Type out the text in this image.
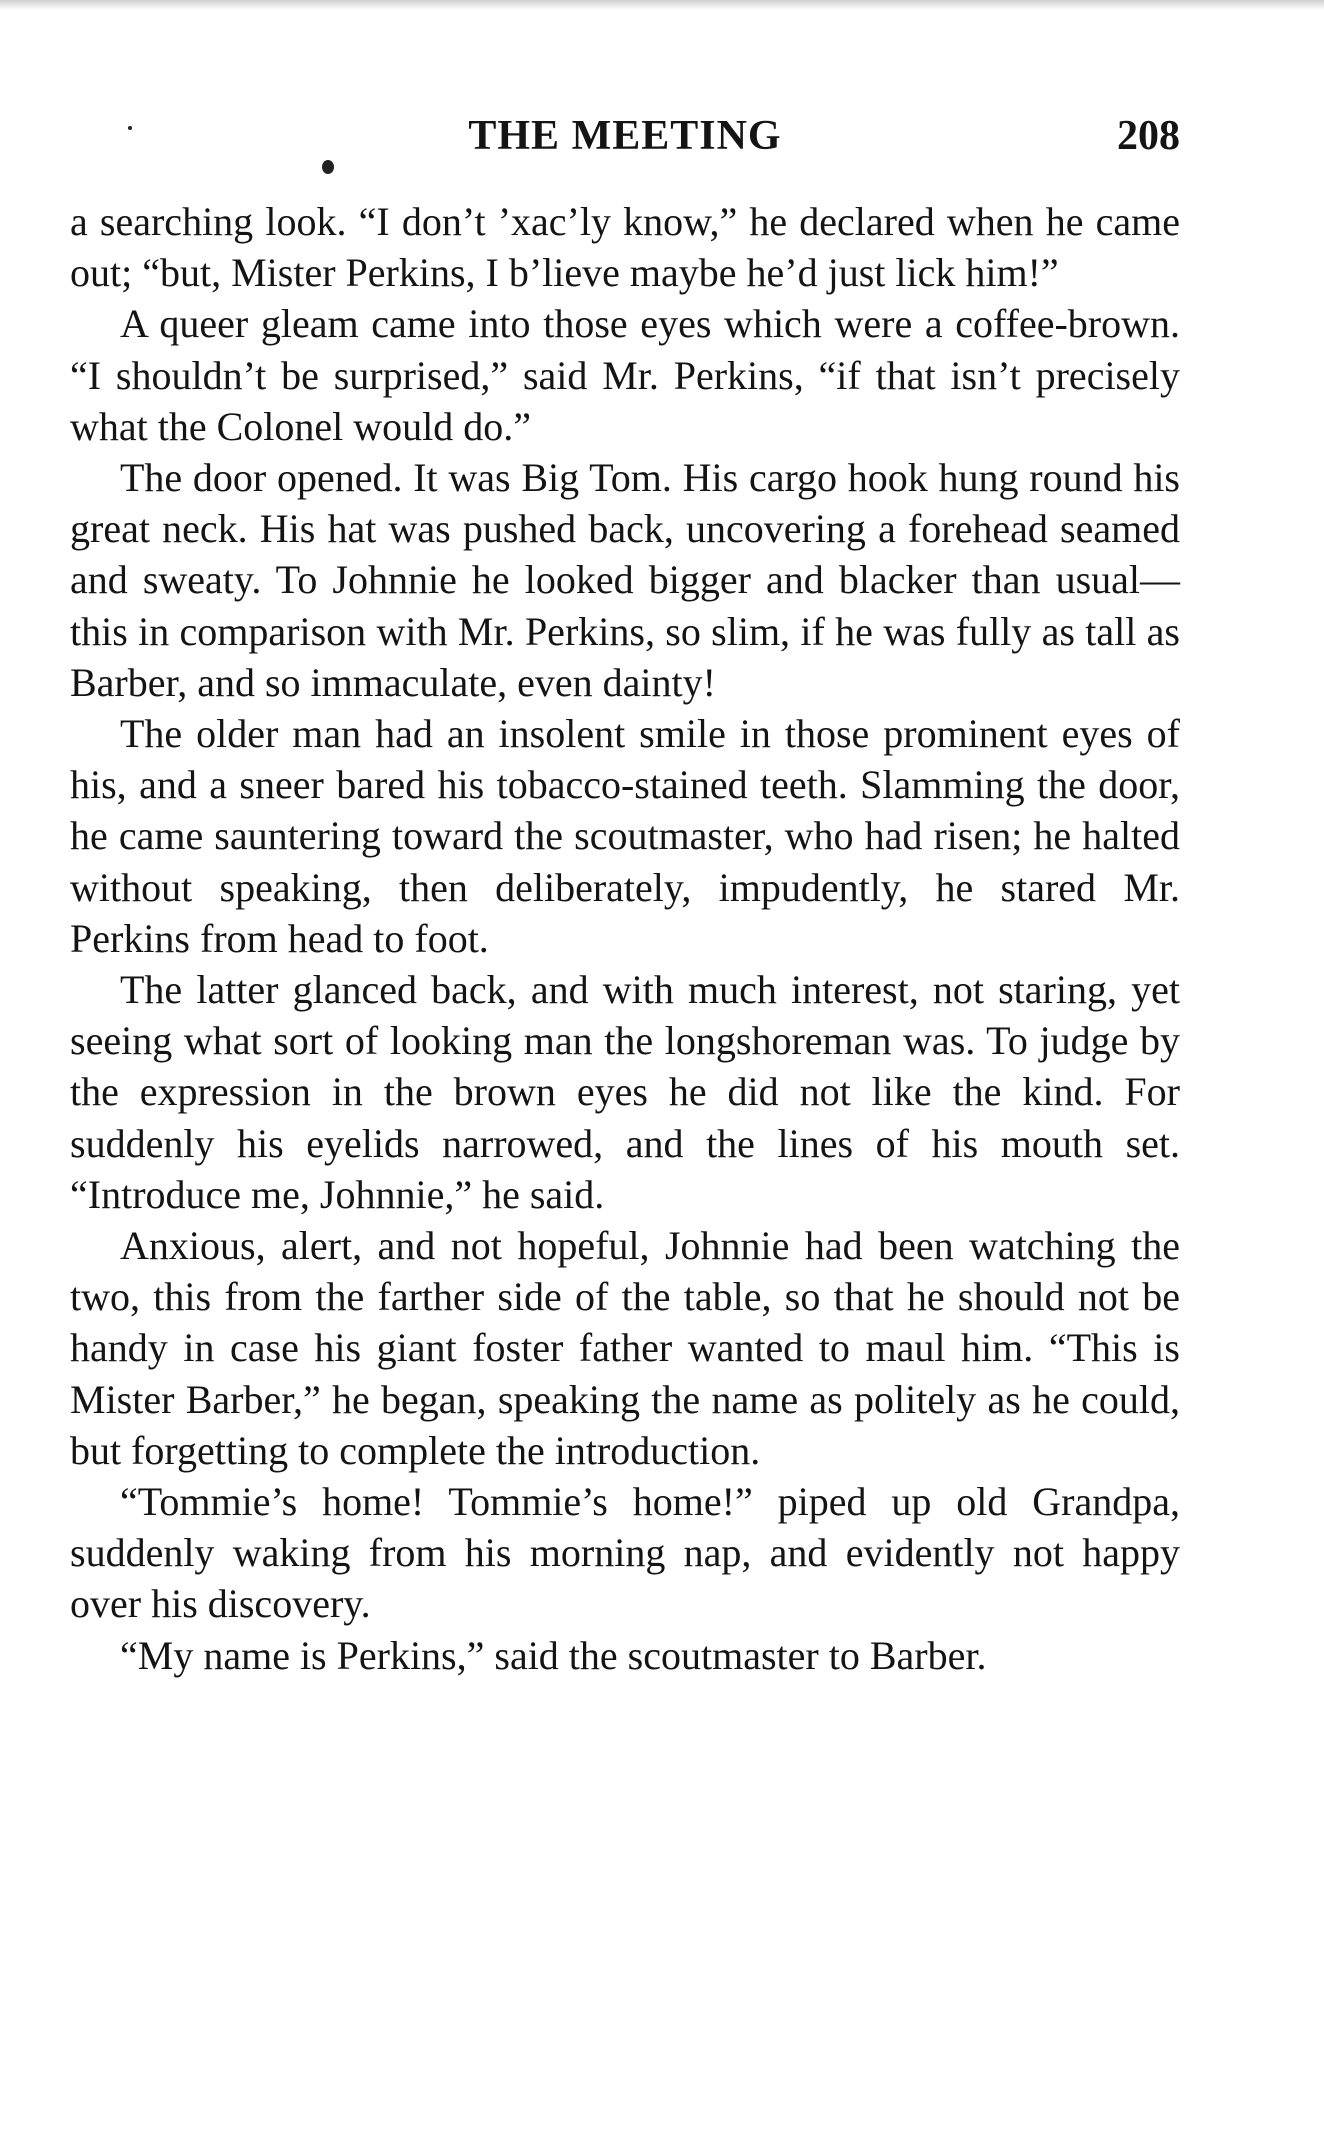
THE MEETING	208

a searching look. “I don’t ’xac’ly know,” he declared when he came out; “but, Mister Perkins, I b’lieve maybe he’d just lick him!”

A queer gleam came into those eyes which were a coffee-brown. “I shouldn’t be surprised,” said Mr. Perkins, “if that isn’t precisely what the Colonel would do.”

The door opened. It was Big Tom. His cargo hook hung round his great neck. His hat was pushed back, uncovering a forehead seamed and sweaty. To Johnnie he looked bigger and blacker than usual—this in comparison with Mr. Perkins, so slim, if he was fully as tall as Barber, and so immaculate, even dainty!

The older man had an insolent smile in those prominent eyes of his, and a sneer bared his tobacco-stained teeth. Slamming the door, he came sauntering toward the scoutmaster, who had risen; he halted without speaking, then deliberately, impudently, he stared Mr. Perkins from head to foot.

The latter glanced back, and with much interest, not staring, yet seeing what sort of looking man the longshoreman was. To judge by the expression in the brown eyes he did not like the kind. For suddenly his eyelids narrowed, and the lines of his mouth set. “Introduce me, Johnnie,” he said.

Anxious, alert, and not hopeful, Johnnie had been watching the two, this from the farther side of the table, so that he should not be handy in case his giant foster father wanted to maul him. “This is Mister Barber,” he began, speaking the name as politely as he could, but forgetting to complete the introduction.

“Tommie’s home! Tommie’s home!” piped up old Grandpa, suddenly waking from his morning nap, and evidently not happy over his discovery.

“My name is Perkins,” said the scoutmaster to Barber.
